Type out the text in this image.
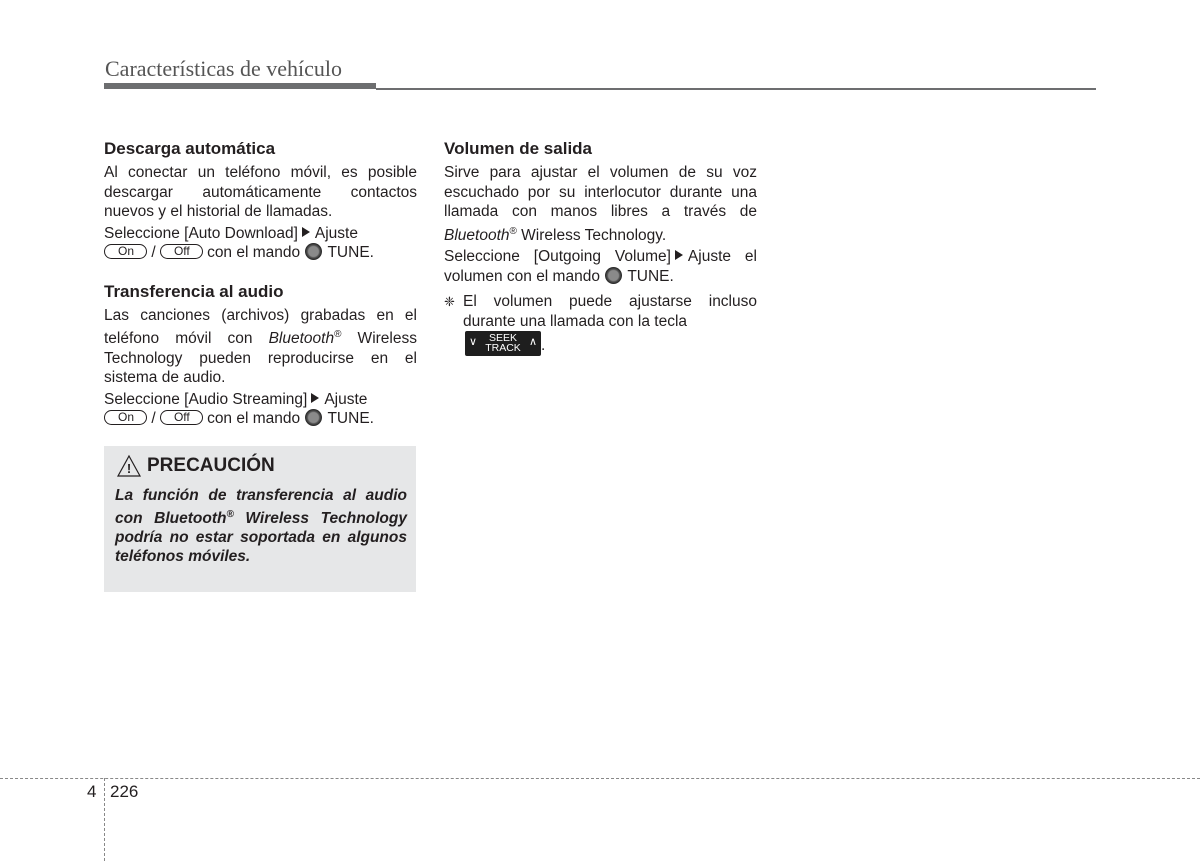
Características de vehículo
Descarga automática

Al conectar un teléfono móvil, es posible descargar automáticamente contactos nuevos y el historial de llamadas.

Seleccione [Auto Download] Ajuste
On / Off con el mando TUNE.

Transferencia al audio

Las canciones (archivos) grabadas en el teléfono móvil con Bluetooth® Wireless Technology pueden reproducirse en el sistema de audio.

Seleccione [Audio Streaming] Ajuste
On / Off con el mando TUNE.

! PRECAUCIÓN

La función de transferencia al audio con Bluetooth® Wireless Technology podría no estar soportada en algunos teléfonos móviles.

Volumen de salida

Sirve para ajustar el volumen de su voz escuchado por su interlocutor durante una llamada con manos libres a través de Bluetooth® Wireless Technology.

Seleccione [Outgoing Volume] Ajuste el volumen con el mando TUNE.

❈ El volumen puede ajustarse incluso durante una llamada con la tecla

∨	SEEK
TRACK ∧ .

4 226
